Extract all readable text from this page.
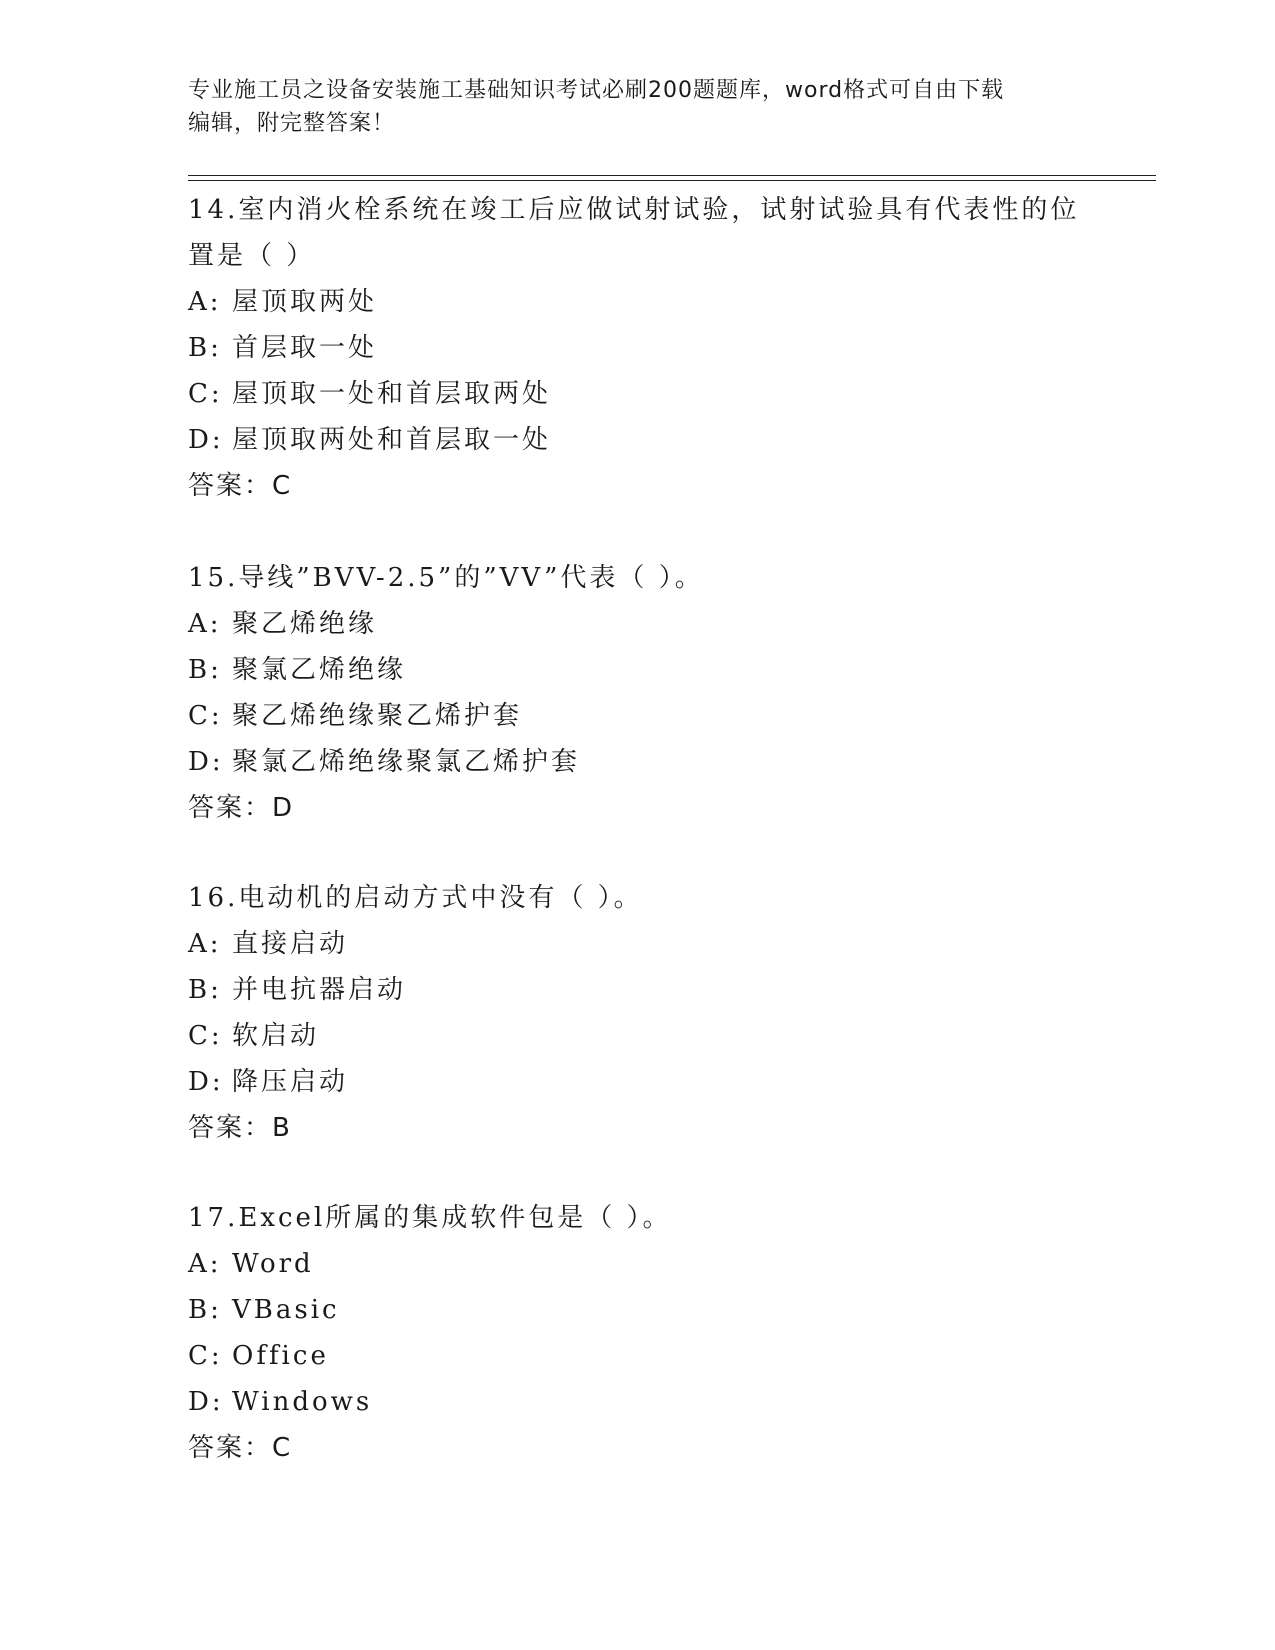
专业施工员之设备安装施工基础知识考试必刷200题题库，word格式可自由下载
编辑，附完整答案！
14.室内消火栓系统在竣工后应做试射试验，试射试验具有代表性的位
置是（ ）
A: 屋顶取两处
B: 首层取一处
C: 屋顶取一处和首层取两处
D: 屋顶取两处和首层取一处
答案：C
15.导线”BVV-2.5”的”VV”代表（ ）。
A: 聚乙烯绝缘
B: 聚氯乙烯绝缘
C: 聚乙烯绝缘聚乙烯护套
D: 聚氯乙烯绝缘聚氯乙烯护套
答案：D
16.电动机的启动方式中没有（ ）。
A: 直接启动
B: 并电抗器启动
C: 软启动
D: 降压启动
答案：B
17.Excel所属的集成软件包是（ ）。
A: Word
B: VBasic
C: Office
D: Windows
答案：C
